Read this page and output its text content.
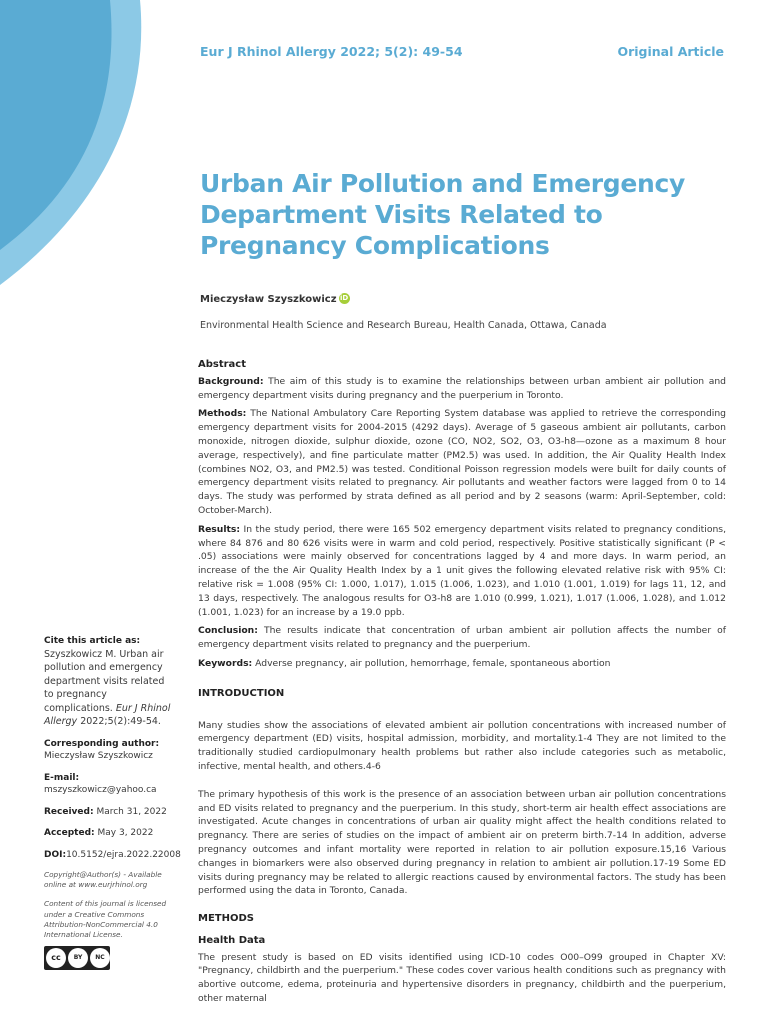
Eur J Rhinol Allergy 2022; 5(2): 49-54	Original Article
Urban Air Pollution and Emergency Department Visits Related to Pregnancy Complications
Mieczysław Szyszkowicz iD
Environmental Health Science and Research Bureau, Health Canada, Ottawa, Canada
Abstract

Background: The aim of this study is to examine the relationships between urban ambient air pollution and emergency department visits during pregnancy and the puerperium in Toronto.

Methods: The National Ambulatory Care Reporting System database was applied to retrieve the corresponding emergency department visits for 2004-2015 (4292 days). Average of 5 gaseous ambient air pollutants, carbon monoxide, nitrogen dioxide, sulphur dioxide, ozone (CO, NO2, SO2, O3, O3-h8—ozone as a maximum 8 hour average, respectively), and fine particulate matter (PM2.5) was used. In addition, the Air Quality Health Index (combines NO2, O3, and PM2.5) was tested. Conditional Poisson regression models were built for daily counts of emergency department visits related to pregnancy. Air pollutants and weather factors were lagged from 0 to 14 days. The study was performed by strata defined as all period and by 2 seasons (warm: April-September, cold: October-March).

Results: In the study period, there were 165 502 emergency department visits related to pregnancy conditions, where 84 876 and 80 626 visits were in warm and cold period, respectively. Positive statistically significant (P < .05) associations were mainly observed for concentrations lagged by 4 and more days. In warm period, an increase of the the Air Quality Health Index by a 1 unit gives the following elevated relative risk with 95% CI: relative risk = 1.008 (95% CI: 1.000, 1.017), 1.015 (1.006, 1.023), and 1.010 (1.001, 1.019) for lags 11, 12, and 13 days, respectively. The analogous results for O3-h8 are 1.010 (0.999, 1.021), 1.017 (1.006, 1.028), and 1.012 (1.001, 1.023) for an increase by a 19.0 ppb.

Conclusion: The results indicate that concentration of urban ambient air pollution affects the number of emergency department visits related to pregnancy and the puerperium.

Keywords: Adverse pregnancy, air pollution, hemorrhage, female, spontaneous abortion

INTRODUCTION

Many studies show the associations of elevated ambient air pollution concentrations with increased number of emergency department (ED) visits, hospital admission, morbidity, and mortality.1-4 They are not limited to the traditionally studied cardiopulmonary health problems but rather also include categories such as metabolic, infective, mental health, and others.4-6

The primary hypothesis of this work is the presence of an association between urban air pollution concentrations and ED visits related to pregnancy and the puerperium. In this study, short-term air health effect associations are investigated. Acute changes in concentrations of urban air quality might affect the health conditions related to pregnancy. There are series of studies on the impact of ambient air on preterm birth.7-14 In addition, adverse pregnancy outcomes and infant mortality were reported in relation to air pollution exposure.15,16 Various changes in biomarkers were also observed during pregnancy in relation to ambient air pollution.17-19 Some ED visits during pregnancy may be related to allergic reactions caused by environmental factors. The study has been performed using the data in Toronto, Canada.

METHODS
Health Data

The present study is based on ED visits identified using ICD-10 codes O00–O99 grouped in Chapter XV: "Pregnancy, childbirth and the puerperium." These codes cover various health conditions such as pregnancy with abortive outcome, edema, proteinuria and hypertensive disorders in pregnancy, childbirth and the puerperium, other maternal

Cite this article as:
Szyszkowicz M. Urban air pollution and emergency department visits related to pregnancy complications. Eur J Rhinol Allergy 2022;5(2):49-54.
Corresponding author:
Mieczysław Szyszkowicz
E-mail:
mszyszkowicz@yahoo.ca
Received: March 31, 2022
Accepted: May 3, 2022
DOI:10.5152/ejra.2022.22008
Copyright@Author(s) - Available online at www.eurjrhinol.org
Content of this journal is licensed under a Creative Commons Attribution-NonCommercial 4.0 International License.
cc	BY	NC
